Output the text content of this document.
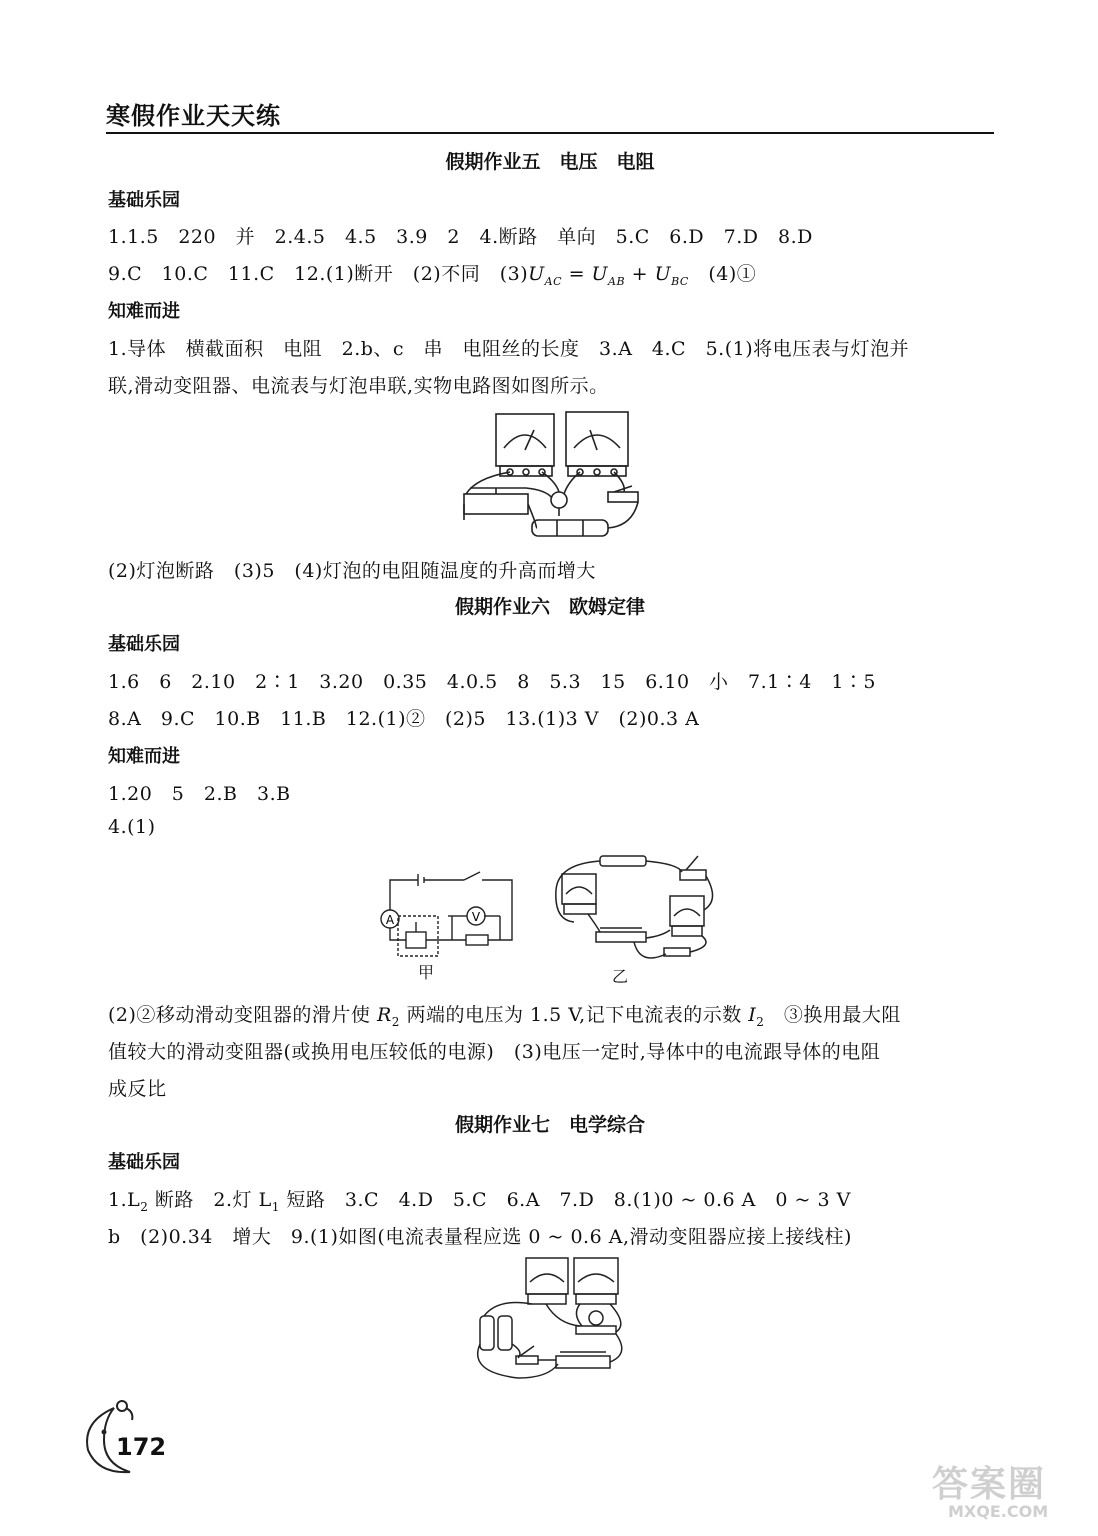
寒假作业天天练
假期作业五　电压　电阻
基础乐园
1.1.5　220　并　2.4.5　4.5　3.9　2　4.断路　单向　5.C　6.D　7.D　8.D
9.C　10.C　11.C　12.(1)断开　(2)不同　$(3)U_{AC} = U_{AB} + U_{BC}$　(4)①
知难而进
1.导体　横截面积　电阻　2.b、c　串　电阻丝的长度　3.A　4.C　5.(1)将电压表与灯泡并
联,滑动变阻器、电流表与灯泡串联,实物电路图如图所示。
(2)灯泡断路　(3)5　(4)灯泡的电阻随温度的升高而增大
假期作业六　欧姆定律
基础乐园
1.6　6　2.10　2∶1　3.20　0.35　4.0.5　8　5.3　15　6.10　小　7.1∶4　1∶5
8.A　9.C　10.B　11.B　12.(1)②　(2)5　13.(1)3 V　(2)0.3 A
知难而进
1.20　5　2.B　3.B
4.(1)
A	V
甲	乙
(2)②移动滑动变阻器的滑片使 $R_2$ 两端的电压为 1.5 V,记下电流表的示数 $I_2$　③换用最大阻
值较大的滑动变阻器(或换用电压较低的电源)　(3)电压一定时,导体中的电流跟导体的电阻
成反比
假期作业七　电学综合
基础乐园
$1.L_2$ 断路　2.灯 $L_1$ 短路　3.C　4.D　5.C　6.A　7.D　8.(1)0 ~ 0.6 A　0 ~ 3 V
b　(2)0.34　增大　9.(1)如图(电流表量程应选 0 ~ 0.6 A,滑动变阻器应接上接线柱)
172
答案圈
MXQE.COM
